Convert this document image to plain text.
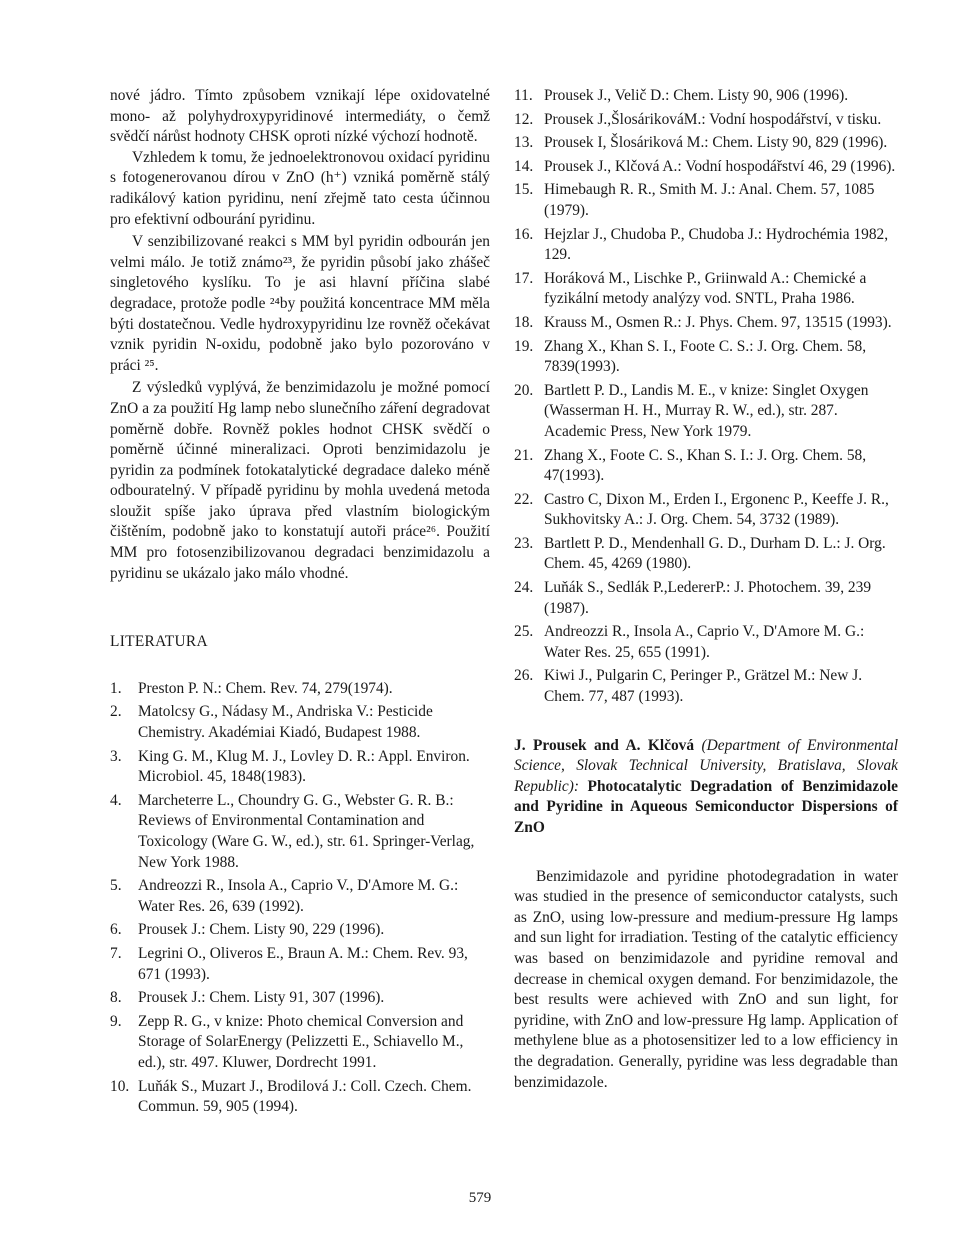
nové jádro. Tímto způsobem vznikají lépe oxidovatelné mono- až polyhydroxypyridinové intermediáty, o čemž svědčí nárůst hodnoty CHSK oproti nízké výchozí hodnotě.

Vzhledem k tomu, že jednoelektronovou oxidací pyridinu s fotogenerovanou dírou v ZnO (h⁺) vzniká poměrně stálý radikálový kation pyridinu, není zřejmě tato cesta účinnou pro efektivní odbourání pyridinu.

V senzibilizované reakci s MM byl pyridin odbourán jen velmi málo. Je totiž známo²³, že pyridin působí jako zhášeč singletového kyslíku. To je asi hlavní příčina slabé degradace, protože podle ²⁴by použitá koncentrace MM měla býti dostatečnou. Vedle hydroxypyridinu lze rovněž očekávat vznik pyridin N-oxidu, podobně jako bylo pozorováno v práci ²⁵.

Z výsledků vyplývá, že benzimidazolu je možné pomocí ZnO a za použití Hg lamp nebo slunečního záření degradovat poměrně dobře. Rovněž pokles hodnot CHSK svědčí o poměrně účinné mineralizaci. Oproti benzimidazolu je pyridin za podmínek fotokatalytické degradace daleko méně odbouratelný. V případě pyridinu by mohla uvedená metoda sloužit spíše jako úprava před vlastním biologickým čištěním, podobně jako to konstatují autoři práce²⁶. Použití MM pro fotosenzibilizovanou degradaci benzimidazolu a pyridinu se ukázalo jako málo vhodné.

LITERATURA
1.	Preston P. N.: Chem. Rev. 74, 279(1974).
2.	Matolcsy G., Nádasy M., Andriska V.: Pesticide Chemistry. Akadémiai Kiadó, Budapest 1988.
3.	King G. M., Klug M. J., Lovley D. R.: Appl. Environ. Microbiol. 45, 1848(1983).
4.	Marcheterre L., Choundry G. G., Webster G. R. B.: Reviews of Environmental Contamination and Toxicology (Ware G. W., ed.), str. 61. Springer-Verlag, New York 1988.
5.	Andreozzi R., Insola A., Caprio V., D'Amore M. G.: Water Res. 26, 639 (1992).
6.	Prousek J.: Chem. Listy 90, 229 (1996).
7.	Legrini O., Oliveros E., Braun A. M.: Chem. Rev. 93, 671 (1993).
8.	Prousek J.: Chem. Listy 91, 307 (1996).
9.	Zepp R. G., v knize: Photo chemical Conversion and Storage of SolarEnergy (Pelizzetti E., Schiavello M., ed.), str. 497. Kluwer, Dordrecht 1991.
10. Luňák S., Muzart J., Brodilová J.: Coll. Czech. Chem. Commun. 59, 905 (1994).
11. Prousek J., Velič D.: Chem. Listy 90, 906 (1996).
12. Prousek J.,ŠlosárikováM.: Vodní hospodářství, v tisku.
13. Prousek I, Šlosáriková M.: Chem. Listy 90, 829 (1996).
14. Prousek J., Klčová A.: Vodní hospodářství 46, 29 (1996).
15. Himebaugh R. R., Smith M. J.: Anal. Chem. 57, 1085 (1979).
16. Hejzlar J., Chudoba P., Chudoba J.: Hydrochémia 1982, 129.
17. Horáková M., Lischke P., Griinwald A.: Chemické a fyzikální metody analýzy vod. SNTL, Praha 1986.
18. Krauss M., Osmen R.: J. Phys. Chem. 97, 13515 (1993).
19. Zhang X., Khan S. I., Foote C. S.: J. Org. Chem. 58, 7839(1993).
20. Bartlett P. D., Landis M. E., v knize: Singlet Oxygen (Wasserman H. H., Murray R. W., ed.), str. 287. Academic Press, New York 1979.
21. Zhang X., Foote C. S., Khan S. I.: J. Org. Chem. 58, 47(1993).
22. Castro C, Dixon M., Erden I., Ergonenc P., Keeffe J. R., Sukhovitsky A.: J. Org. Chem. 54, 3732 (1989).
23. Bartlett P. D., Mendenhall G. D., Durham D. L.: J. Org. Chem. 45, 4269 (1980).
24. Luňák S., Sedlák P.,LedererP.: J. Photochem. 39, 239 (1987).
25. Andreozzi R., Insola A., Caprio V., D'Amore M. G.: Water Res. 25, 655 (1991).
26. Kiwi J., Pulgarin C, Peringer P., Grätzel M.: New J. Chem. 77, 487 (1993).

J. Prousek and A. Klčová (Department of Environmental Science, Slovak Technical University, Bratislava, Slovak Republic): Photocatalytic Degradation of Benzimidazole and Pyridine in Aqueous Semiconductor Dispersions of ZnO

Benzimidazole and pyridine photodegradation in water was studied in the presence of semiconductor catalysts, such as ZnO, using low-pressure and medium-pressure Hg lamps and sun light for irradiation. Testing of the catalytic efficiency was based on benzimidazole and pyridine removal and decrease in chemical oxygen demand. For benzimidazole, the best results were achieved with ZnO and sun light, for pyridine, with ZnO and low-pressure Hg lamp. Application of methylene blue as a photosensitizer led to a low efficiency in the degradation. Generally, pyridine was less degradable than benzimidazole.

579
